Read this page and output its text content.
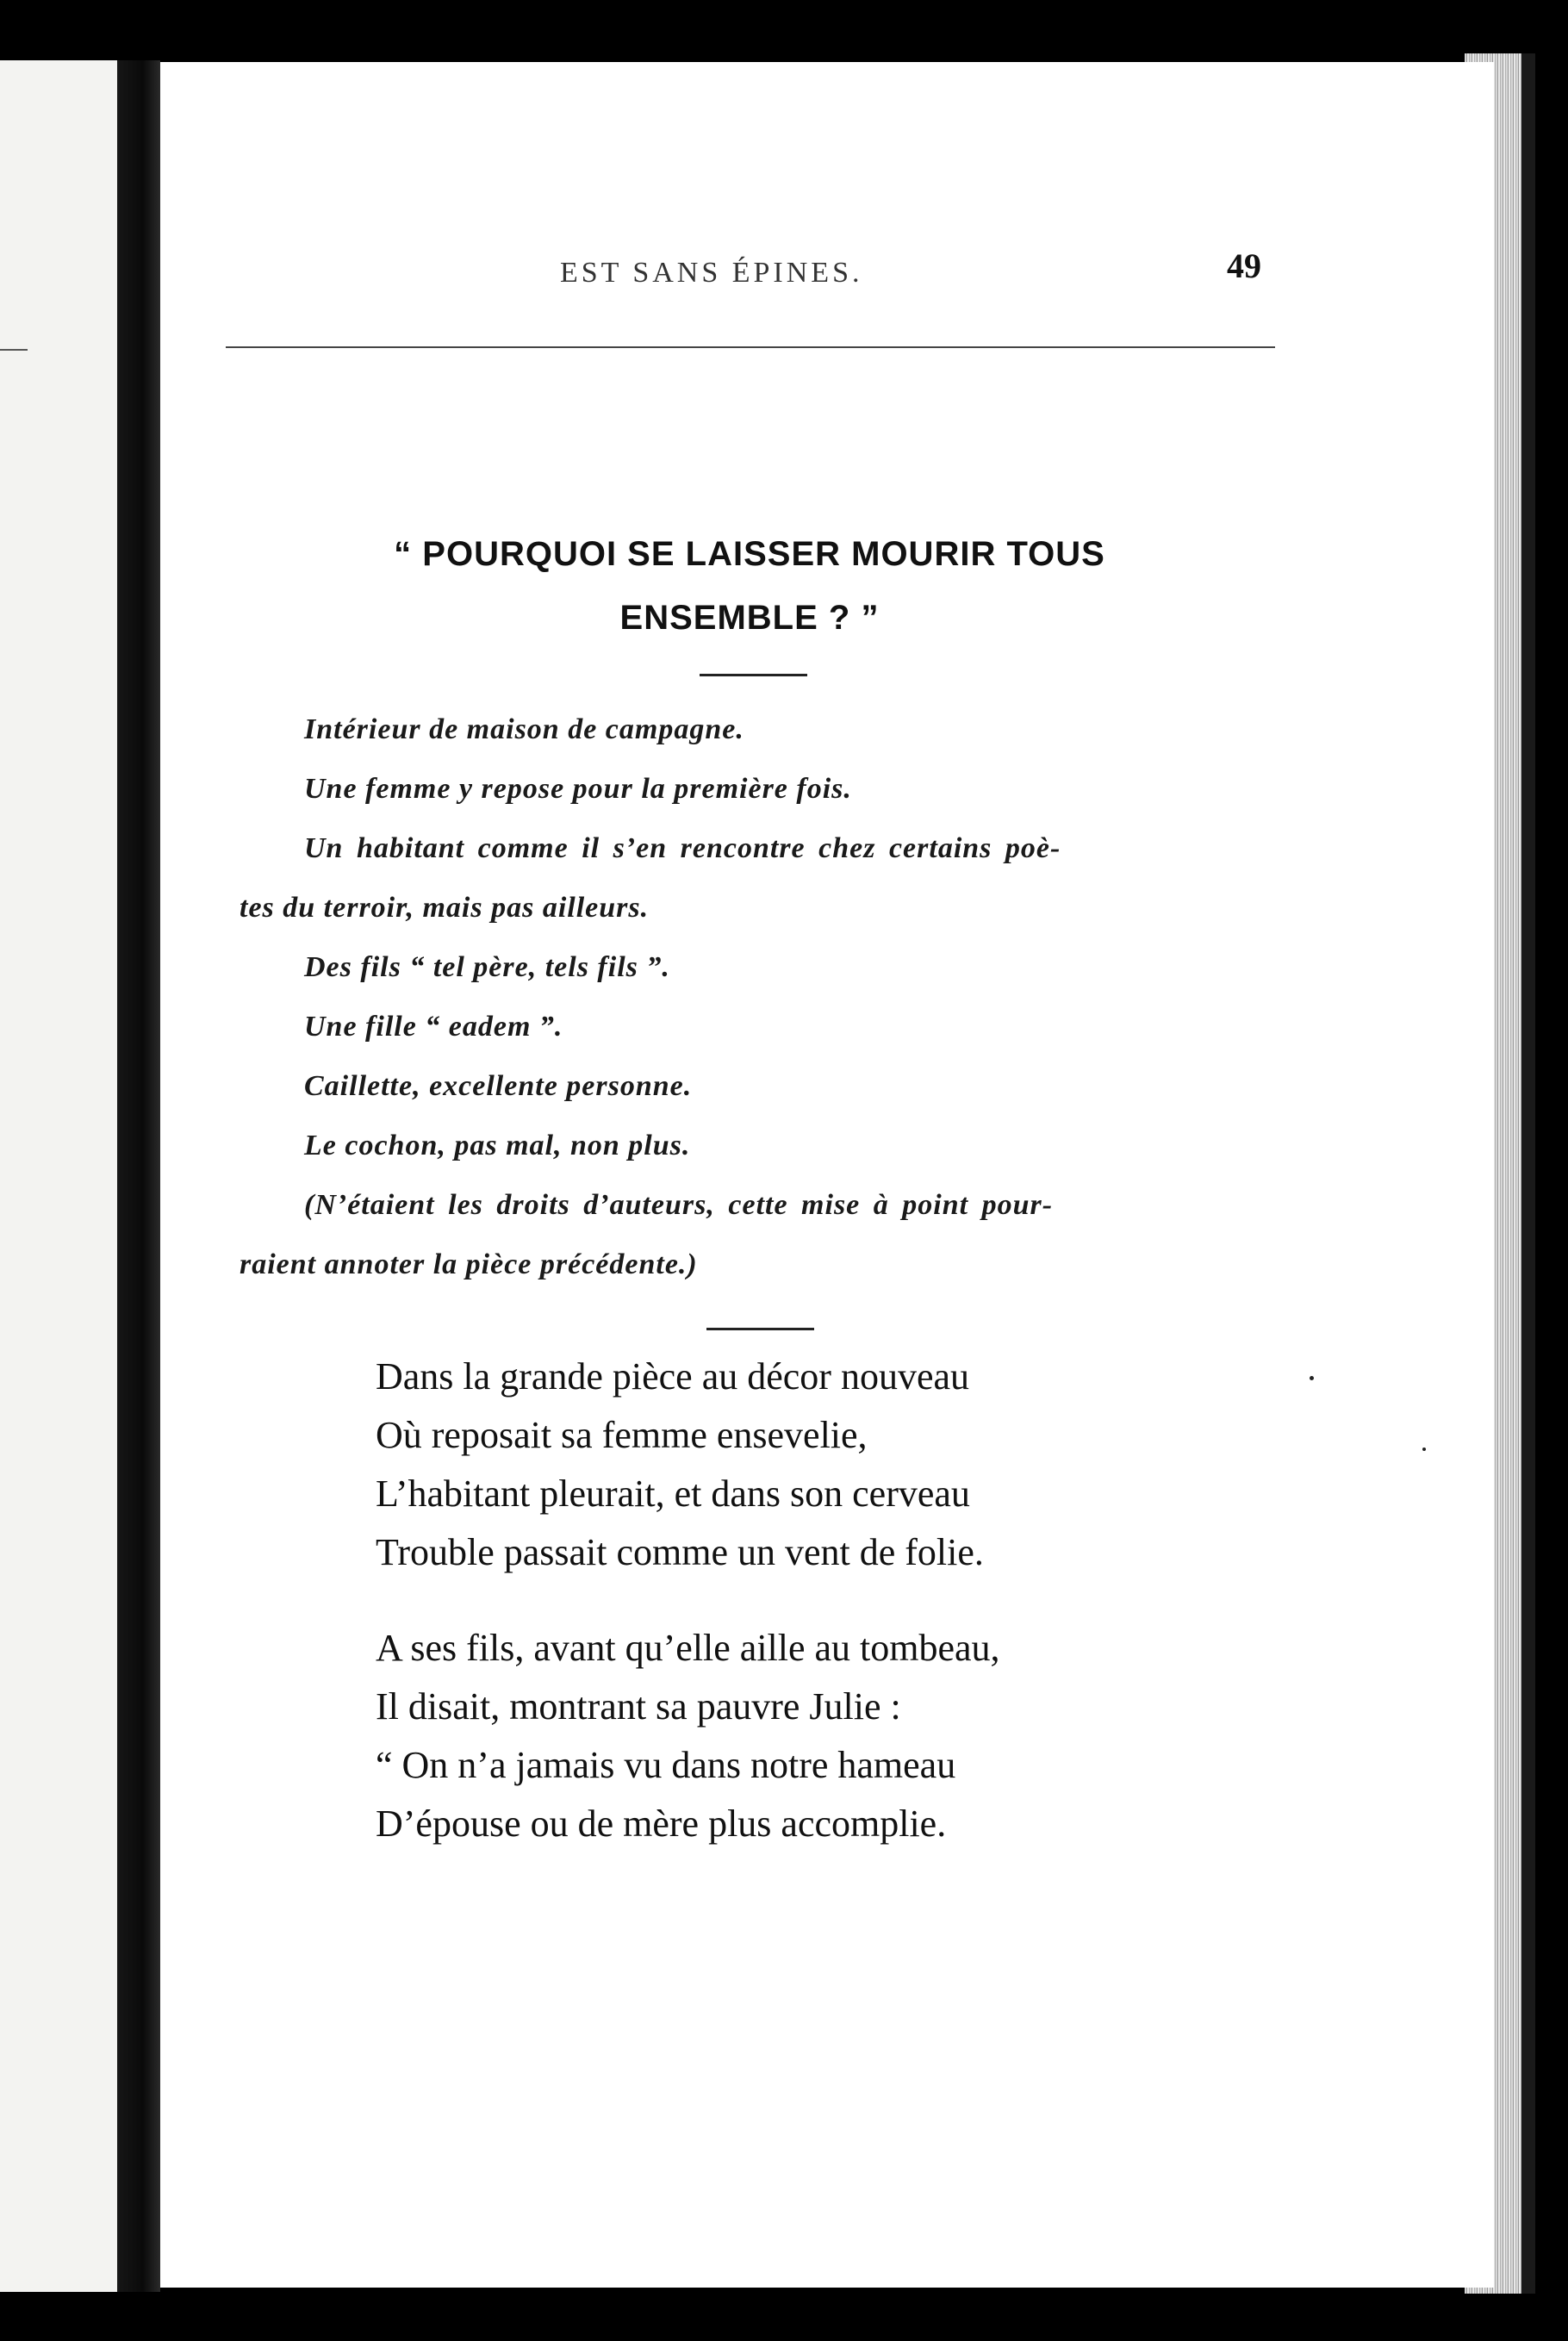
EST SANS ÉPINES.	49
“ POURQUOI SE LAISSER MOURIR TOUS
ENSEMBLE ? ”
Intérieur de maison de campagne.
Une femme y repose pour la première fois.
Un habitant comme il s’en rencontre chez certains poè-
tes du terroir, mais pas ailleurs.
Des fils “ tel père, tels fils ”.
Une fille “ eadem ”.
Caillette, excellente personne.
Le cochon, pas mal, non plus.
(N’étaient les droits d’auteurs, cette mise à point pour-
raient annoter la pièce précédente.)
Dans la grande pièce au décor nouveau
Où reposait sa femme ensevelie,
L’habitant pleurait, et dans son cerveau
Trouble passait comme un vent de folie.
A ses fils, avant qu’elle aille au tombeau,
Il disait, montrant sa pauvre Julie :
“ On n’a jamais vu dans notre hameau
D’épouse ou de mère plus accomplie.
